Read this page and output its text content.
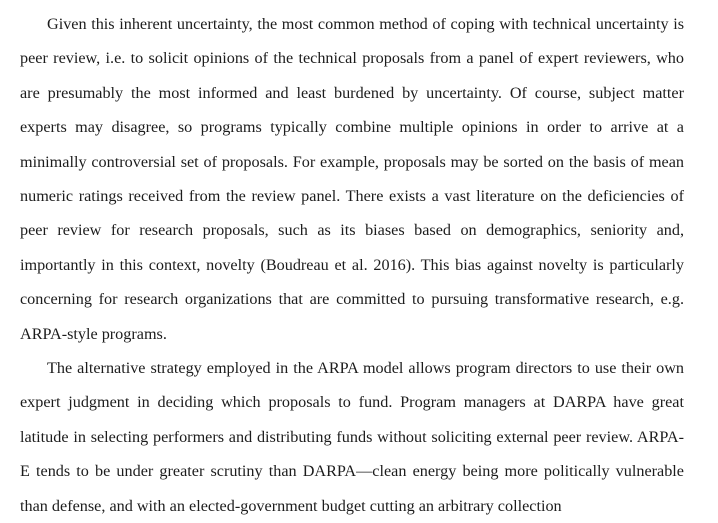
Given this inherent uncertainty, the most common method of coping with technical uncertainty is peer review, i.e. to solicit opinions of the technical proposals from a panel of expert reviewers, who are presumably the most informed and least burdened by uncertainty. Of course, subject matter experts may disagree, so programs typically combine multiple opinions in order to arrive at a minimally controversial set of proposals. For example, proposals may be sorted on the basis of mean numeric ratings received from the review panel. There exists a vast literature on the deficiencies of peer review for research proposals, such as its biases based on demographics, seniority and, importantly in this context, novelty (Boudreau et al. 2016). This bias against novelty is particularly concerning for research organizations that are committed to pursuing transformative research, e.g. ARPA-style programs.

The alternative strategy employed in the ARPA model allows program directors to use their own expert judgment in deciding which proposals to fund. Program managers at DARPA have great latitude in selecting performers and distributing funds without soliciting external peer review. ARPA-E tends to be under greater scrutiny than DARPA—clean energy being more politically vulnerable than defense, and with an elected-government budget cutting an arbitrary collection
